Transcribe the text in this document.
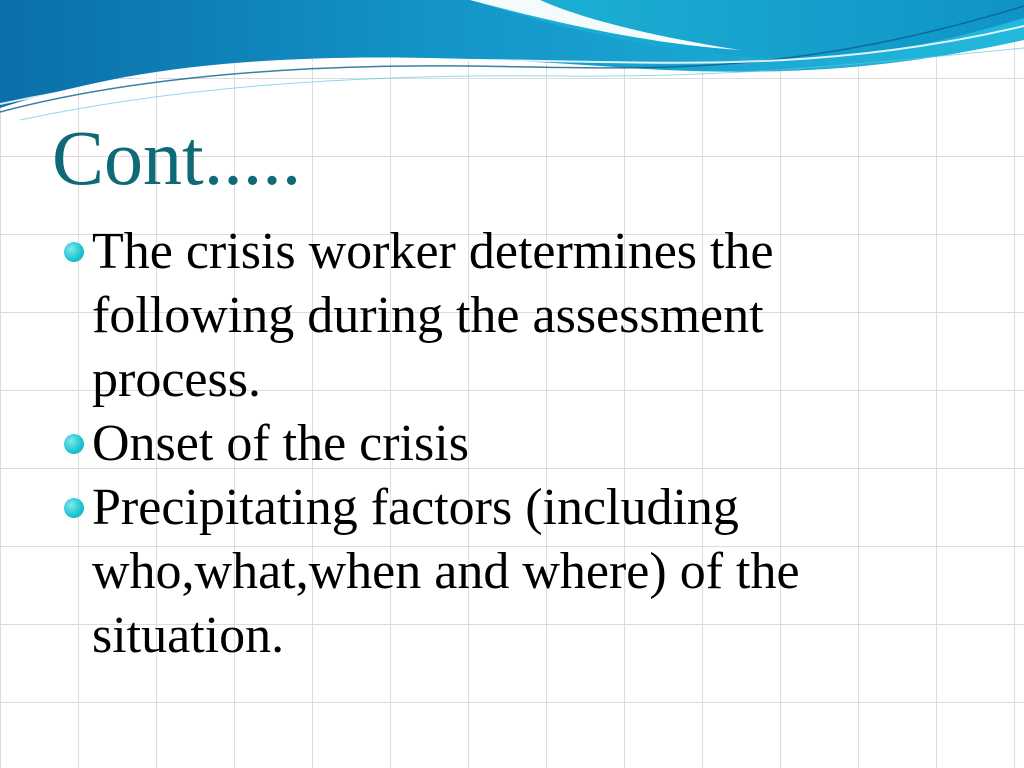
Cont.....
The crisis worker determines the following during the assessment process.
Onset of the crisis
Precipitating factors (including who,what,when and where) of the situation.
